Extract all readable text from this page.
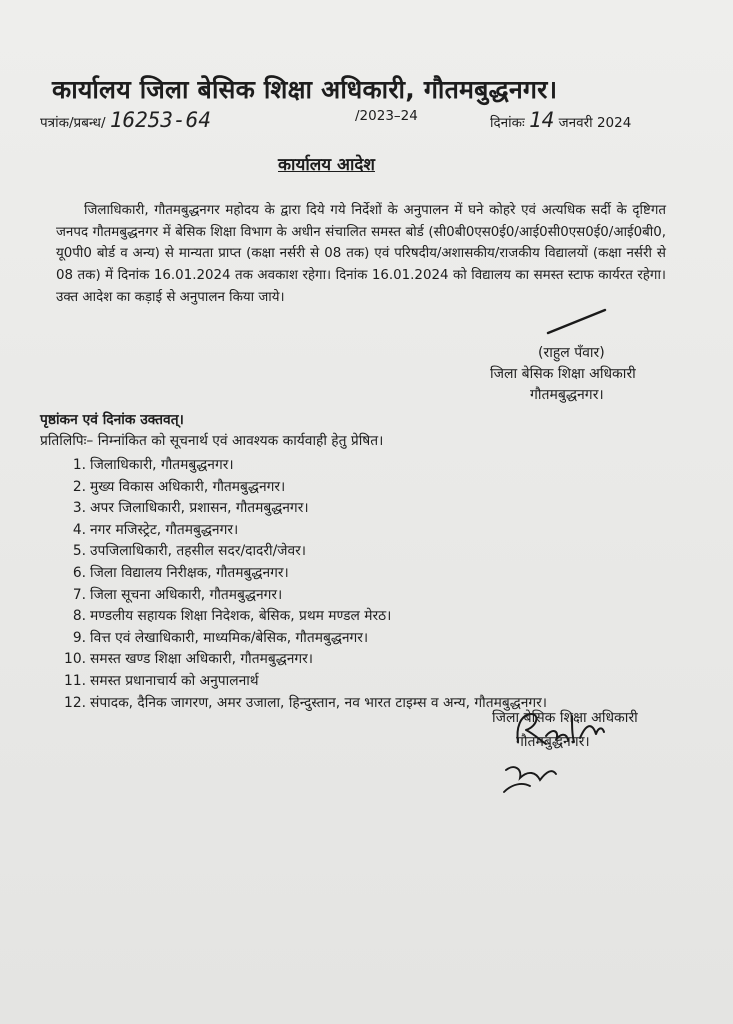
कार्यालय जिला बेसिक शिक्षा अधिकारी, गौतमबुद्धनगर।
पत्रांक/प्रबन्ध/ 16253-64	/2023–24	दिनांकः 14 जनवरी 2024
कार्यालय आदेश
जिलाधिकारी, गौतमबुद्धनगर महोदय के द्वारा दिये गये निर्देशों के अनुपालन में घने कोहरे एवं अत्यधिक सर्दी के दृष्टिगत जनपद गौतमबुद्धनगर में बेसिक शिक्षा विभाग के अधीन संचालित समस्त बोर्ड (सी0बी0एस0ई0/आई0सी0एस0ई0/आई0बी0, यू0पी0 बोर्ड व अन्य) से मान्यता प्राप्त (कक्षा नर्सरी से 08 तक) एवं परिषदीय/अशासकीय/राजकीय विद्यालयों (कक्षा नर्सरी से 08 तक) में दिनांक 16.01.2024 तक अवकाश रहेगा। दिनांक 16.01.2024 को विद्यालय का समस्त स्टाफ कार्यरत रहेगा। उक्त आदेश का कड़ाई से अनुपालन किया जाये।
(राहुल पँवार)
जिला बेसिक शिक्षा अधिकारी
गौतमबुद्धनगर।
पृष्ठांकन एवं दिनांक उक्तवत्।
प्रतिलिपिः– निम्नांकित को सूचनार्थ एवं आवश्यक कार्यवाही हेतु प्रेषित।
1. जिलाधिकारी, गौतमबुद्धनगर।
2. मुख्य विकास अधिकारी, गौतमबुद्धनगर।
3. अपर जिलाधिकारी, प्रशासन, गौतमबुद्धनगर।
4. नगर मजिस्ट्रेट, गौतमबुद्धनगर।
5. उपजिलाधिकारी, तहसील सदर/दादरी/जेवर।
6. जिला विद्यालय निरीक्षक, गौतमबुद्धनगर।
7. जिला सूचना अधिकारी, गौतमबुद्धनगर।
8. मण्डलीय सहायक शिक्षा निदेशक, बेसिक, प्रथम मण्डल मेरठ।
9. वित्त एवं लेखाधिकारी, माध्यमिक/बेसिक, गौतमबुद्धनगर।
10. समस्त खण्ड शिक्षा अधिकारी, गौतमबुद्धनगर।
11. समस्त प्रधानाचार्य को अनुपालनार्थ
12. संपादक, दैनिक जागरण, अमर उजाला, हिन्दुस्तान, नव भारत टाइम्स व अन्य, गौतमबुद्धनगर।
जिला बेसिक शिक्षा अधिकारी
गौतमबुद्धनगर।
